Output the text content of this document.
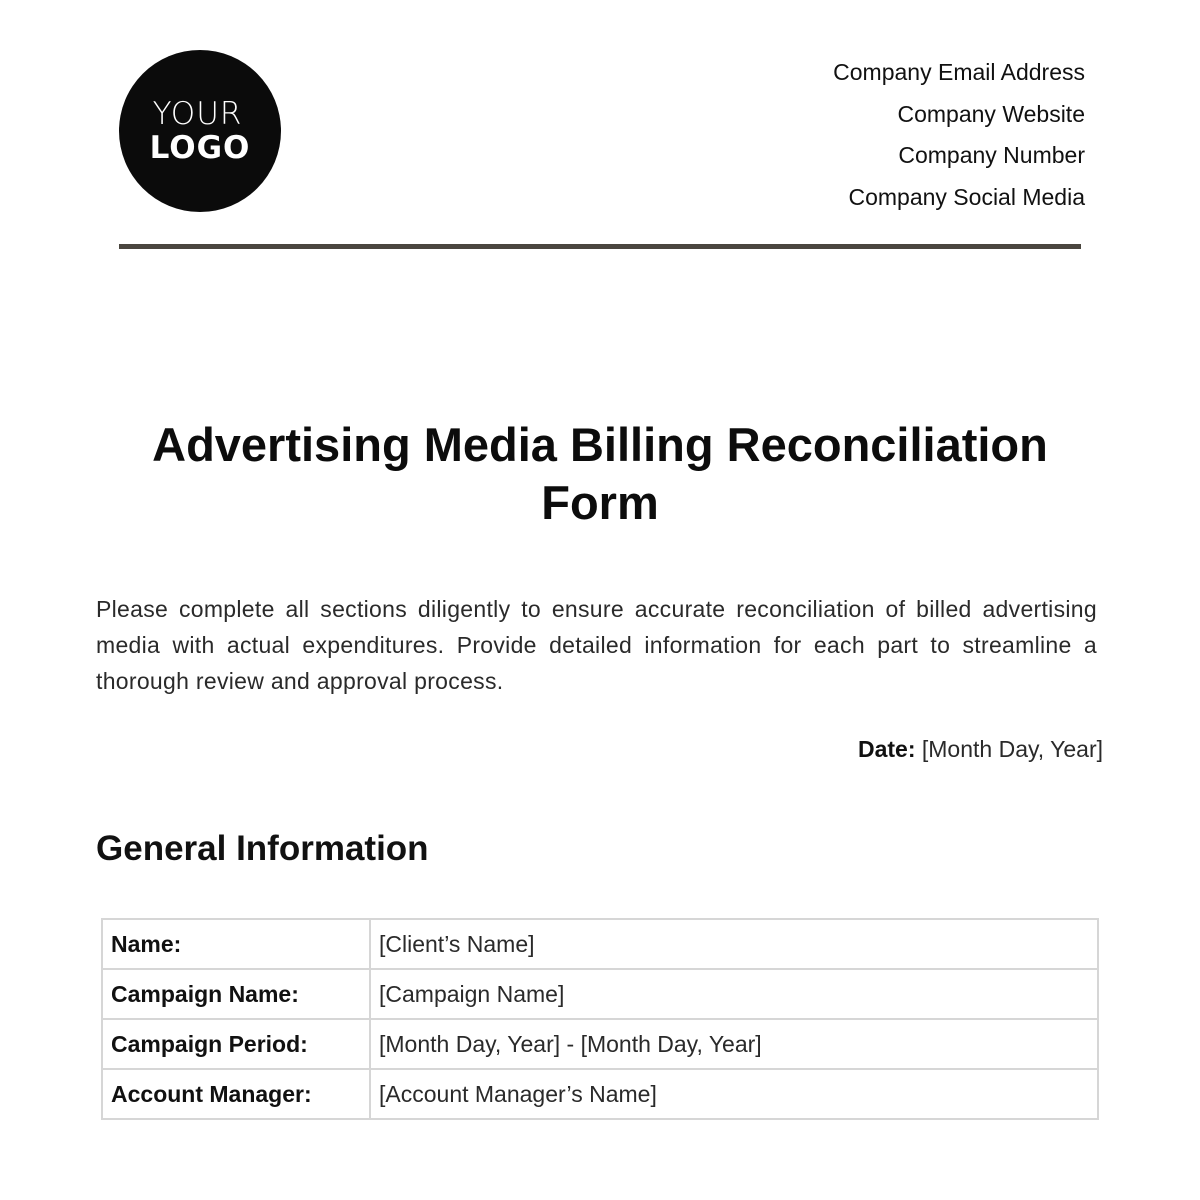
YOUR
LOGO
Company Email Address
Company Website
Company Number
Company Social Media
Advertising Media Billing Reconciliation Form

Please complete all sections diligently to ensure accurate reconciliation of billed advertising media with actual expenditures. Provide detailed information for each part to streamline a thorough review and approval process.

Date: [Month Day, Year]
General Information
Name:	[Client’s Name]
Campaign Name:	[Campaign Name]
Campaign Period:	[Month Day, Year] - [Month Day, Year]
Account Manager:	[Account Manager’s Name]
